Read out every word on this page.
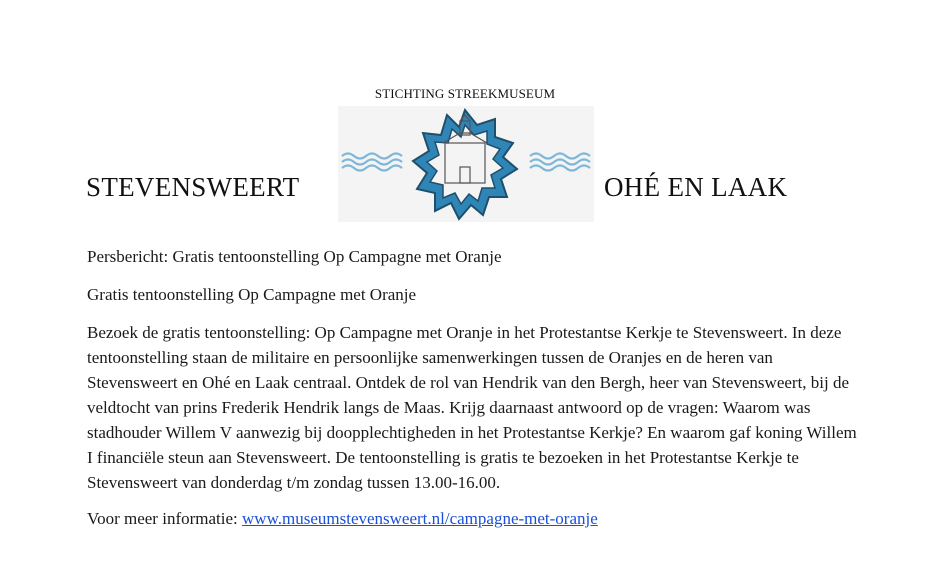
STICHTING STREEKMUSEUM
STEVENSWEERT	OHÉ EN LAAK

Persbericht: Gratis tentoonstelling Op Campagne met Oranje

Gratis tentoonstelling Op Campagne met Oranje

Bezoek de gratis tentoonstelling: Op Campagne met Oranje in het Protestantse Kerkje te Stevensweert. In deze tentoonstelling staan de militaire en persoonlijke samenwerkingen tussen de Oranjes en de heren van Stevensweert en Ohé en Laak centraal. Ontdek de rol van Hendrik van den Bergh, heer van Stevensweert, bij de veldtocht van prins Frederik Hendrik langs de Maas. Krijg daarnaast antwoord op de vragen: Waarom was stadhouder Willem V aanwezig bij doopplechtigheden in het Protestantse Kerkje? En waarom gaf koning Willem I financiële steun aan Stevensweert. De tentoonstelling is gratis te bezoeken in het Protestantse Kerkje te Stevensweert van donderdag t/m zondag tussen 13.00-16.00.

Voor meer informatie: www.museumstevensweert.nl/campagne-met-oranje
